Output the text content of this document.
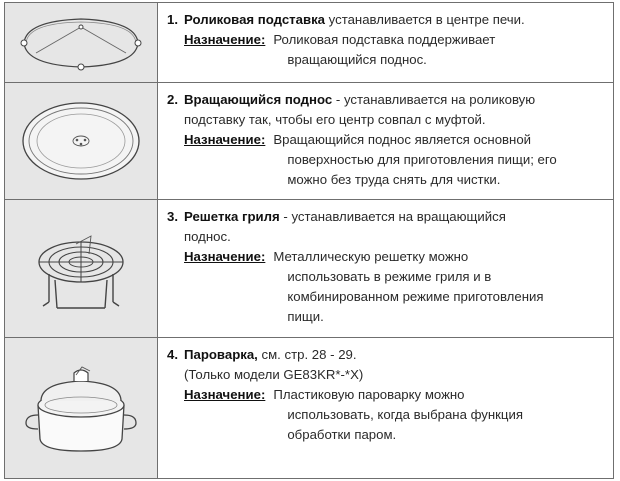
1. Роликовая подставка устанавливается в центре печи.
Назначение: Роликовая подставка поддерживает
вращающийся поднос.
2. Вращающийся поднос - устанавливается на роликовую
подставку так, чтобы его центр совпал с муфтой.
Назначение: Вращающийся поднос является основной
поверхностью для приготовления пищи; его
можно без труда снять для чистки.
3. Решетка гриля - устанавливается на вращающийся
поднос.
Назначение: Металлическую решетку можно
использовать в режиме гриля и в
комбинированном режиме приготовления
пищи.
4. Пароварка, см. стр. 28 - 29.
(Только модели GE83KR*-*X)
Назначение: Пластиковую пароварку можно
использовать, когда выбрана функция
обработки паром.
